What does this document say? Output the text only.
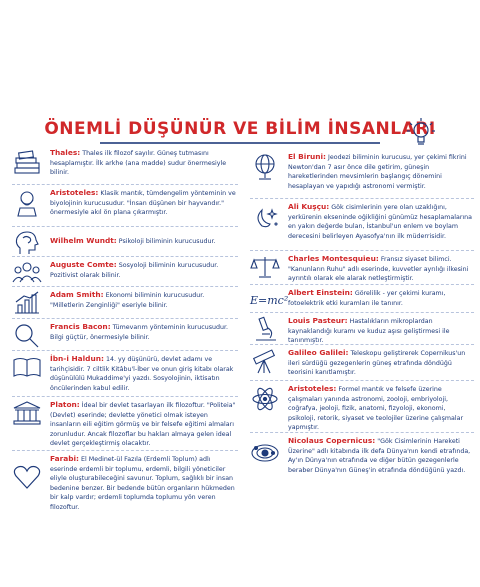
ÖNEMLİ DÜŞÜNÜR VE BİLİM İNSANLARI
Thales: Thales ilk filozof sayılır. Güneş tutmasını hesaplamıştır. İlk arkhe (ana madde) sudur önermesiyle bilinir.
Aristoteles: Klasik mantık, tümdengelim yönteminin ve biyolojinin kurucusudur. "İnsan düşünen bir hayvandır." önermesiyle akıl ön plana çıkarmıştır.
Wilhelm Wundt: Psikoloji biliminin kurucusudur.
Auguste Comte: Sosyoloji biliminin kurucusudur. Pozitivist olarak bilinir.
Adam Smith: Ekonomi biliminin kurucusudur. "Milletlerin Zenginliği" eseriyle bilinir.
Francis Bacon: Tümevarım yönteminin kurucusudur. Bilgi güçtür, önermesiyle bilinir.
İbn-i Haldun: 14. yy düşünürü, devlet adamı ve tarihçisidir. 7 ciltlik Kitâbu'l-İber ve onun giriş kitabı olarak düşünülülü Mukaddime'yi yazdı. Sosyolojinin, iktisatın öncülerinden kabul edilir.
Platon: İdeal bir devlet tasarlayan ilk filozoftur. "Politeia" (Devlet) eserinde; devlette yönetici olmak isteyen insanların eili eğitim görmüş ve bir felsefe eğitimi almaları zorunludur. Ancak filozoflar bu hakları almaya gelen ideal devlet gerçekleştirmiş olacaktır.
Farabi: El Medinet-ül Fazıla (Erdemli Toplum) adlı eserinde erdemli bir toplumu, erdemli, bilgili yöneticiler eliyle oluşturabileceğini savunur. Toplum, sağlıklı bir insan bedenine benzer. Bir bedende bütün organların hükmeden bir kalp vardır; erdemli toplumda toplumu yön veren filozoftur.
El Biruni: Jeodezi biliminin kurucusu, yer çekimi fikrini Newton'dan 7 asır önce dile getirim, güneşin hareketlerinden mevsimlerin başlangıç dönemini hesaplayan ve yapıdığı astronomi vermiştir.
Ali Kuşçu: Gök cisimlerinin yere olan uzaklığını, yerkürenin ekseninde oğikliğini günümüz hesaplamalarına en yakın değerde bulan, İstanbul'un enlem ve boylam derecesini belirleyen Ayasofya'nın ilk müderrisidir.
Charles Montesquieu: Fransız siyaset bilimci. "Kanunların Ruhu" adlı eserinde, kuvvetler ayrılığı ilkesini ayrıntılı olarak ele alarak netleştirmiştir.
E=mc²
Albert Einstein: Görelilik - yer çekimi kuramı, fotoelektrik etki kuramları ile tanınır.
Louis Pasteur: Hastalıkların mikroplardan kaynaklandığı kuramı ve kuduz aşısı geliştirmesi ile tanınmıştır.
Galileo Galilei: Teleskopu geliştirerek Copernikus'un ileri sürdüğü gezegenlerin güneş etrafında döndüğü teorisini kanıtlamıştır.
Aristoteles: Formel mantık ve felsefe üzerine çalışmaları yanında astronomi, zooloji, embriyoloji, coğrafya, jeoloji, fizik, anatomi, fizyoloji, ekonomi, psikoloji, retorik, siyaset ve teolojiler üzerine çalışmalar yapmıştır.
Nicolaus Copernicus: "Gök Cisimlerinin Hareketi Üzerine" adlı kitabında ilk defa Dünya'nın kendi etrafında, Ay'ın Dünya'nın etrafında ve diğer bütün gezegenlerle beraber Dünya'nın Güneş'in etrafında döndüğünü yazdı.
